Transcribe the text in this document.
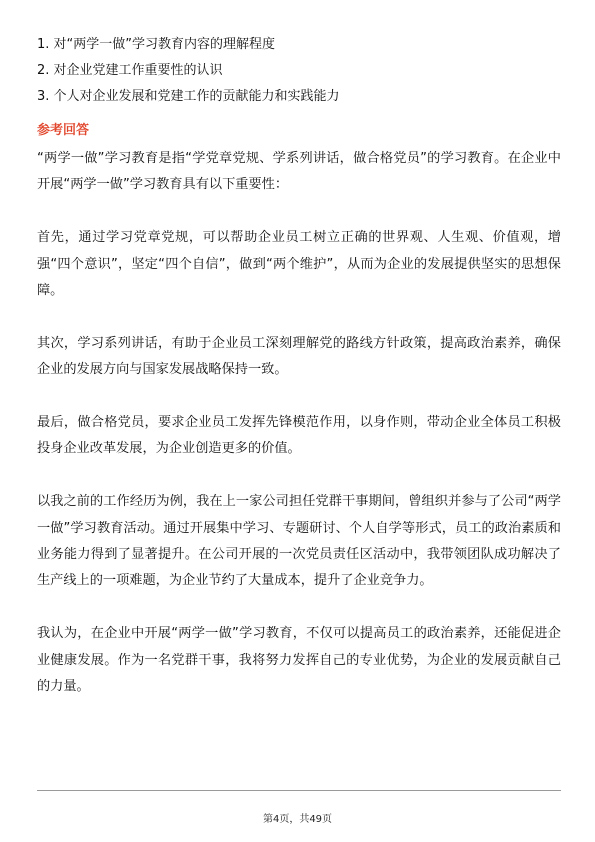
1. 对“两学一做”学习教育内容的理解程度
2. 对企业党建工作重要性的认识
3. 个人对企业发展和党建工作的贡献能力和实践能力
参考回答

“两学一做”学习教育是指“学党章党规、学系列讲话，做合格党员”的学习教育。在企业中开展“两学一做”学习教育具有以下重要性：

首先，通过学习党章党规，可以帮助企业员工树立正确的世界观、人生观、价值观，增强“四个意识”，坚定“四个自信”，做到“两个维护”，从而为企业的发展提供坚实的思想保障。

其次，学习系列讲话，有助于企业员工深刻理解党的路线方针政策，提高政治素养，确保企业的发展方向与国家发展战略保持一致。

最后，做合格党员，要求企业员工发挥先锋模范作用，以身作则，带动企业全体员工积极投身企业改革发展，为企业创造更多的价值。

以我之前的工作经历为例，我在上一家公司担任党群干事期间，曾组织并参与了公司“两学一做”学习教育活动。通过开展集中学习、专题研讨、个人自学等形式，员工的政治素质和业务能力得到了显著提升。在公司开展的一次党员责任区活动中，我带领团队成功解决了生产线上的一项难题，为企业节约了大量成本，提升了企业竞争力。

我认为，在企业中开展“两学一做”学习教育，不仅可以提高员工的政治素养，还能促进企业健康发展。作为一名党群干事，我将努力发挥自己的专业优势，为企业的发展贡献自己的力量。

第4页，共49页
